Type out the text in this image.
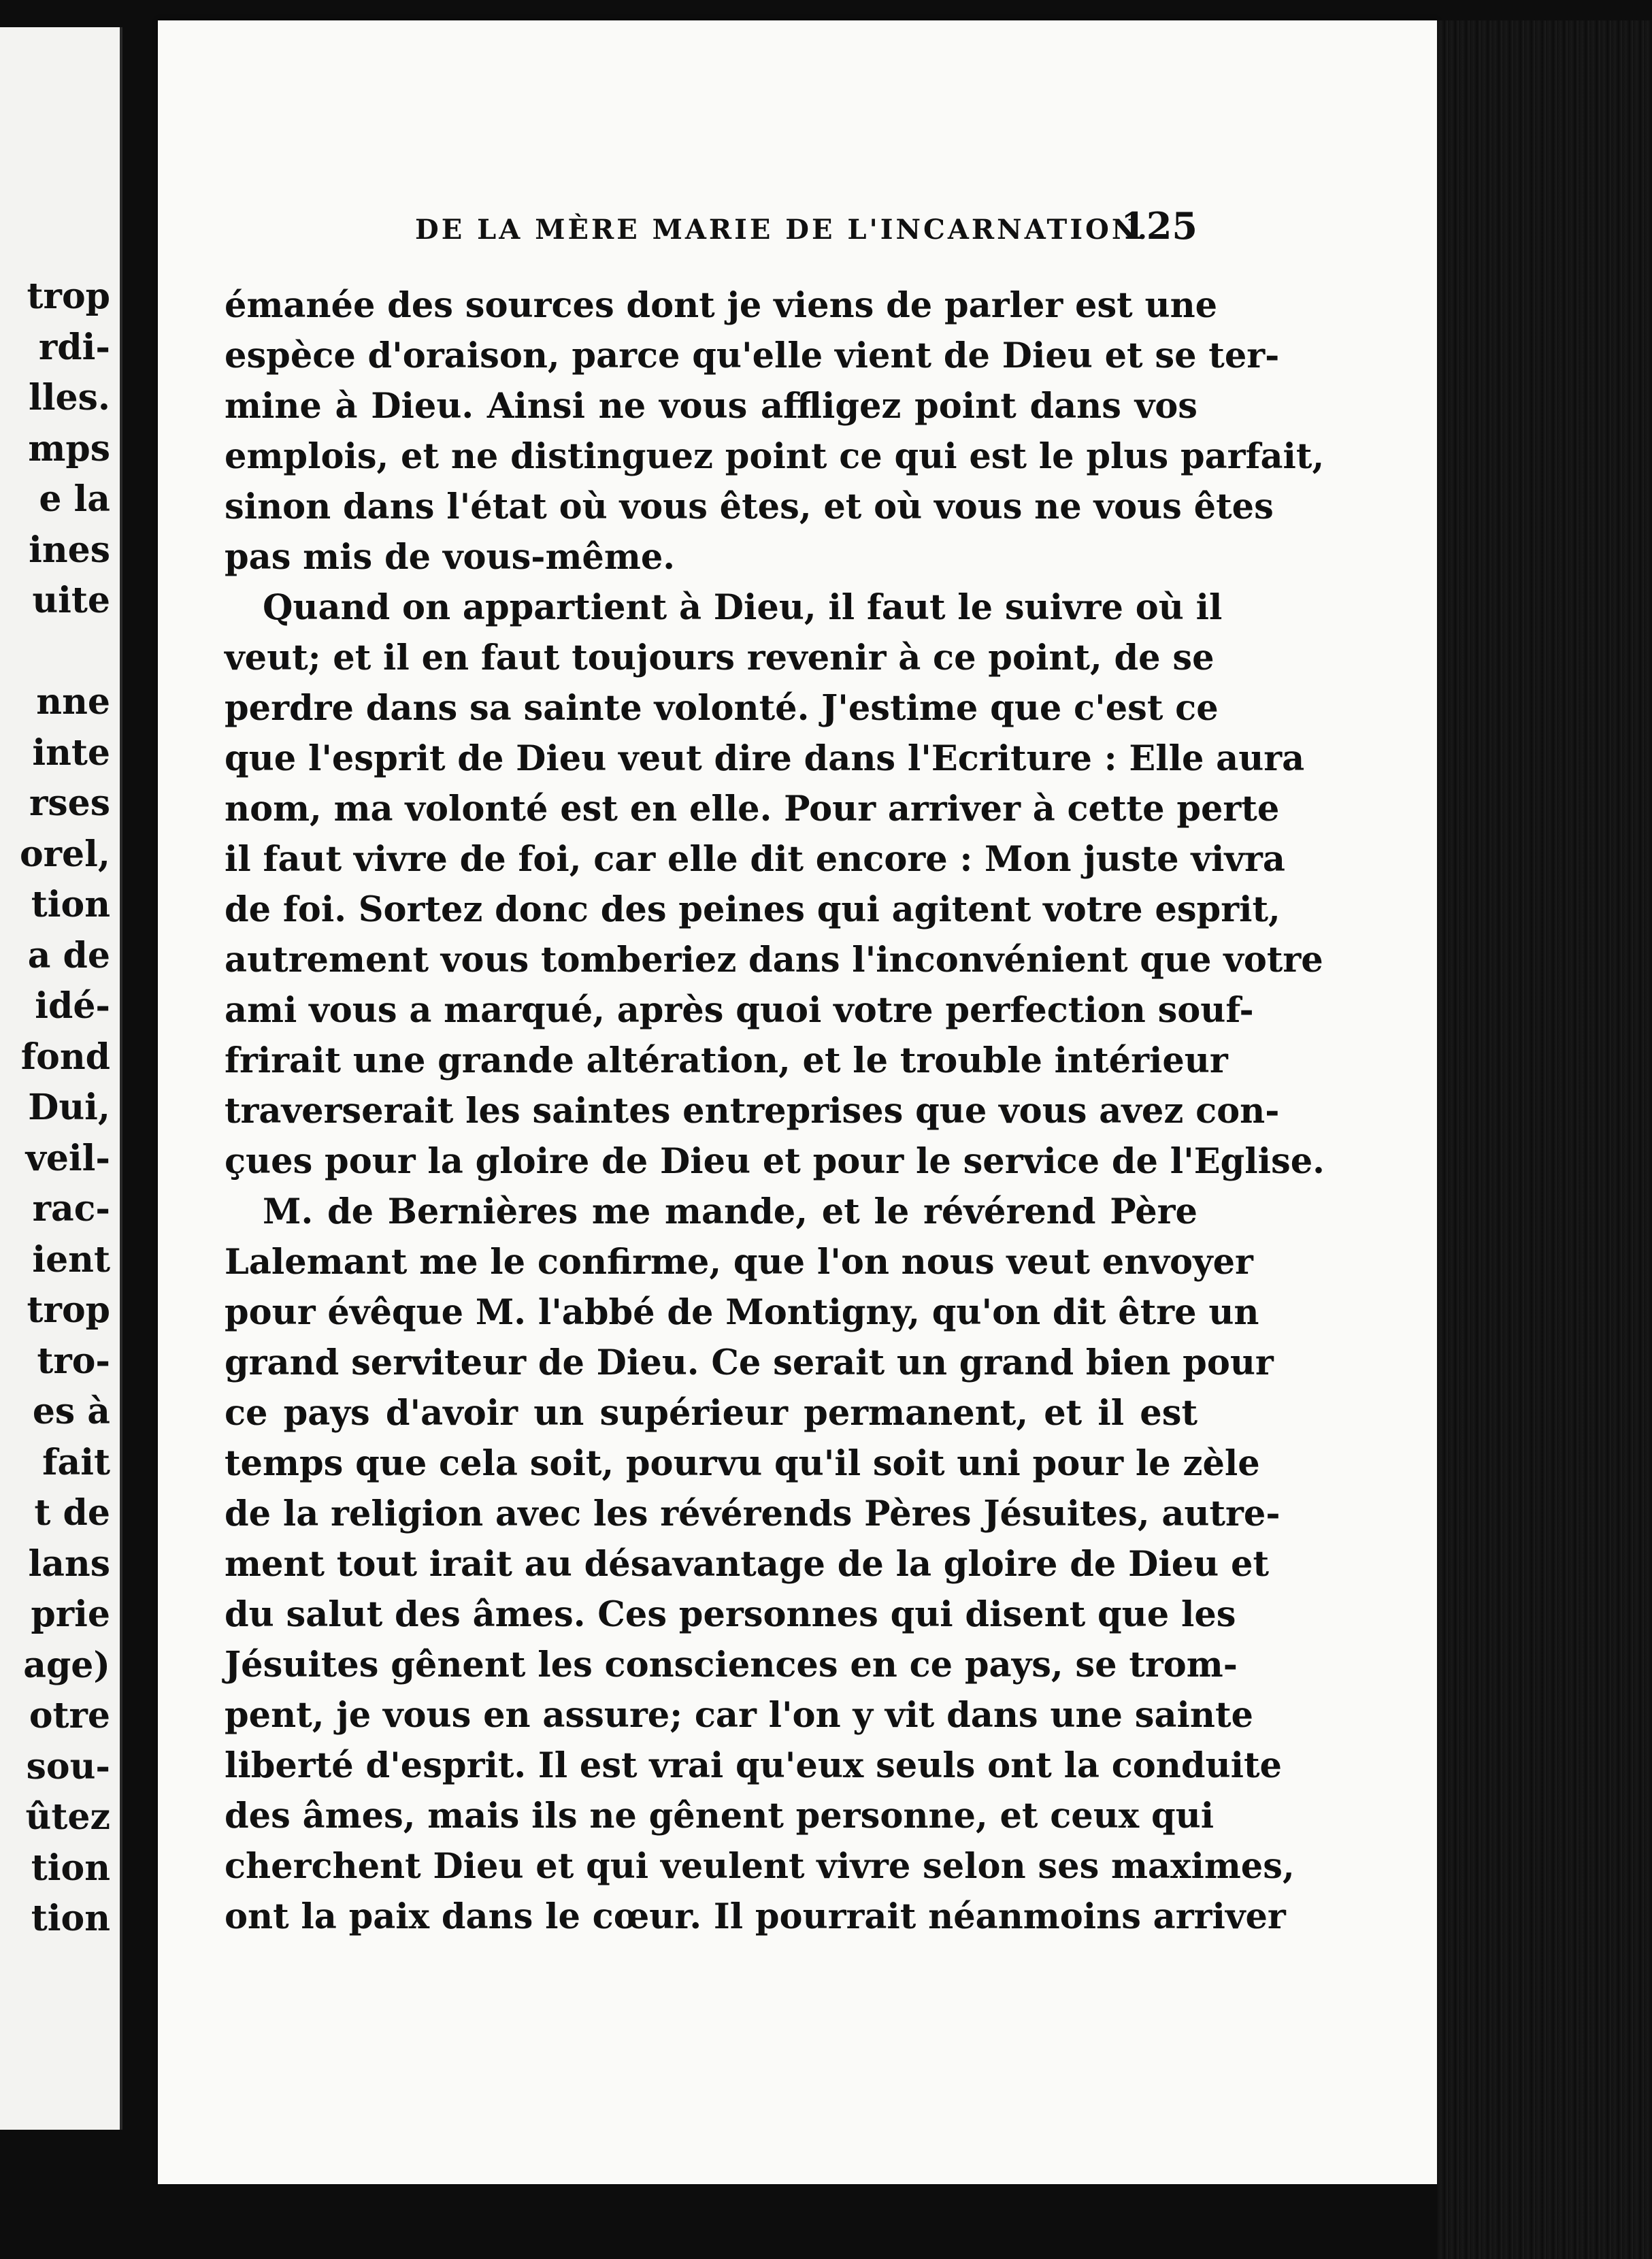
trop
rdi-
lles.
mps
e la
ines
uite
nne
inte
rses
orel,
tion
a de
idé-
fond
Dui,
veil-
rac-
ient
trop
tro-
es à
fait
t de
lans
prie
age)
otre
sou-
ûtez
tion
tion
DE LA MÈRE MARIE DE L'INCARNATION.
125
émanée des sources dont je viens de parler est une
espèce d'oraison, parce qu'elle vient de Dieu et se ter-
mine à Dieu. Ainsi ne vous affligez point dans vos
emplois, et ne distinguez point ce qui est le plus parfait,
sinon dans l'état où vous êtes, et où vous ne vous êtes
pas mis de vous-même.
Quand on appartient à Dieu, il faut le suivre où il
veut; et il en faut toujours revenir à ce point, de se
perdre dans sa sainte volonté. J'estime que c'est ce
que l'esprit de Dieu veut dire dans l'Ecriture : Elle aura
nom, ma volonté est en elle. Pour arriver à cette perte
il faut vivre de foi, car elle dit encore : Mon juste vivra
de foi. Sortez donc des peines qui agitent votre esprit,
autrement vous tomberiez dans l'inconvénient que votre
ami vous a marqué, après quoi votre perfection souf-
frirait une grande altération, et le trouble intérieur
traverserait les saintes entreprises que vous avez con-
çues pour la gloire de Dieu et pour le service de l'Eglise.
M. de Bernières me mande, et le révérend Père
Lalemant me le confirme, que l'on nous veut envoyer
pour évêque M. l'abbé de Montigny, qu'on dit être un
grand serviteur de Dieu. Ce serait un grand bien pour
ce pays d'avoir un supérieur permanent, et il est
temps que cela soit, pourvu qu'il soit uni pour le zèle
de la religion avec les révérends Pères Jésuites, autre-
ment tout irait au désavantage de la gloire de Dieu et
du salut des âmes. Ces personnes qui disent que les
Jésuites gênent les consciences en ce pays, se trom-
pent, je vous en assure; car l'on y vit dans une sainte
liberté d'esprit. Il est vrai qu'eux seuls ont la conduite
des âmes, mais ils ne gênent personne, et ceux qui
cherchent Dieu et qui veulent vivre selon ses maximes,
ont la paix dans le cœur. Il pourrait néanmoins arriver
